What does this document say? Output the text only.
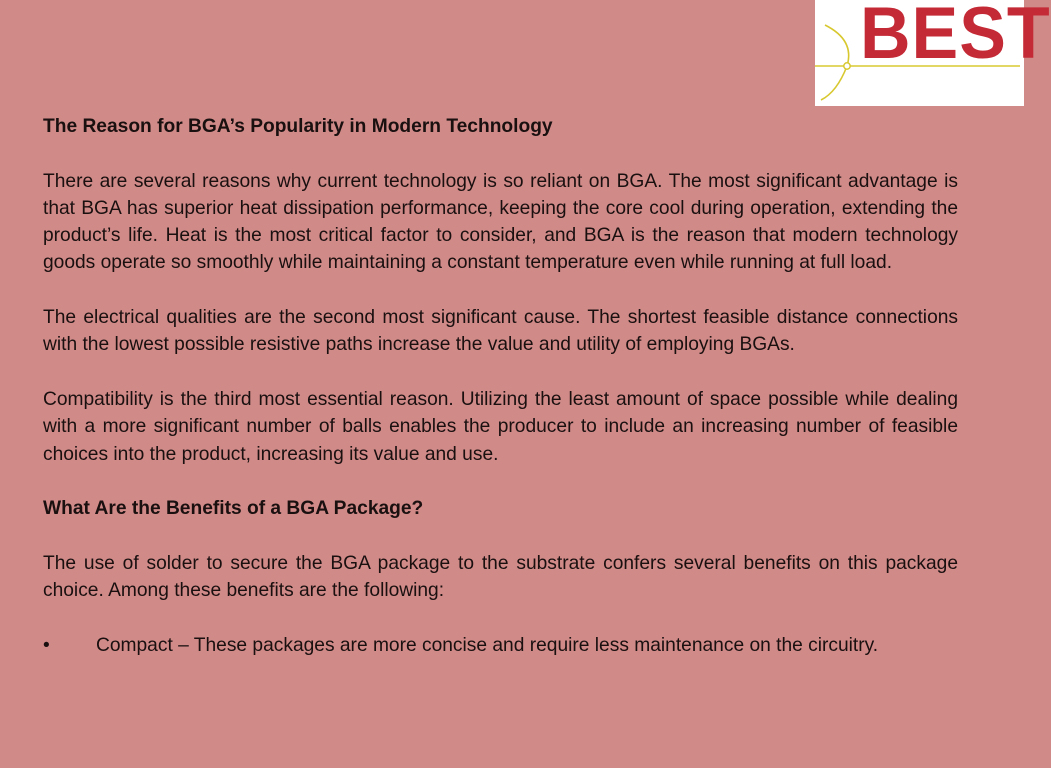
BEST

The Reason for BGA’s Popularity in Modern Technology

There are several reasons why current technology is so reliant on BGA. The most significant advantage is that BGA has superior heat dissipation performance, keeping the core cool during operation, extending the product’s life. Heat is the most critical factor to consider, and BGA is the reason that modern technology goods operate so smoothly while maintaining a constant temperature even while running at full load.

The electrical qualities are the second most significant cause. The shortest feasible distance connections with the lowest possible resistive paths increase the value and utility of employing BGAs.

Compatibility is the third most essential reason. Utilizing the least amount of space possible while dealing with a more significant number of balls enables the producer to include an increasing number of feasible choices into the product, increasing its value and use.

What Are the Benefits of a BGA Package?

The use of solder to secure the BGA package to the substrate confers several benefits on this package choice. Among these benefits are the following:

• Compact – These packages are more concise and require less maintenance on the circuitry.
